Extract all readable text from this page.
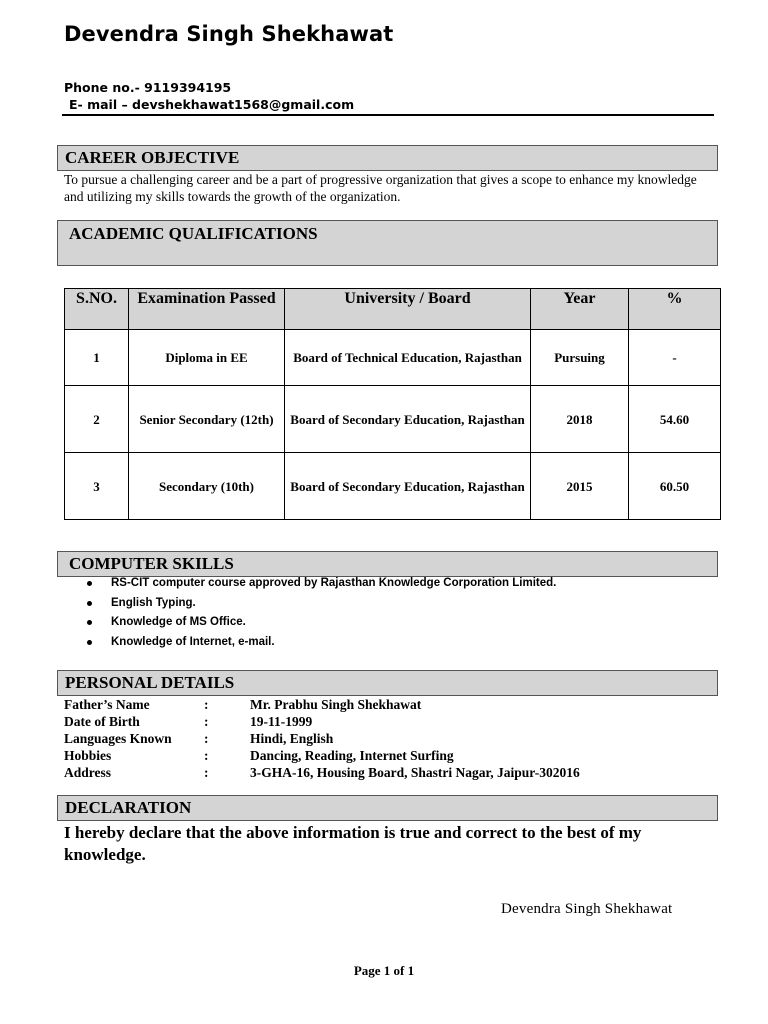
Devendra Singh Shekhawat
Phone no.- 9119394195
E- mail – devshekhawat1568@gmail.com
CAREER OBJECTIVE
To pursue a challenging career and be a part of progressive organization that gives a scope to enhance my knowledge and utilizing my skills towards the growth of the organization.
ACADEMIC QUALIFICATIONS
S.NO.	Examination Passed	University / Board	Year	%
1	Diploma in EE	Board of Technical Education, Rajasthan	Pursuing	-
2	Senior Secondary (12th)	Board of Secondary Education, Rajasthan	2018	54.60
3	Secondary (10th)	Board of Secondary Education, Rajasthan	2015	60.50
COMPUTER SKILLS
RS-CIT computer course approved by Rajasthan Knowledge Corporation Limited.
English Typing.
Knowledge of MS Office.
Knowledge of Internet, e-mail.
PERSONAL DETAILS
Father’s Name	:	Mr. Prabhu Singh Shekhawat
Date of Birth	:	19-11-1999
Languages Known :	Hindi, English
Hobbies	:	Dancing, Reading, Internet Surfing
Address	:	3-GHA-16, Housing Board, Shastri Nagar, Jaipur-302016
DECLARATION
I hereby declare that the above information is true and correct to the best of my knowledge.
Devendra Singh Shekhawat
Page 1 of 1
